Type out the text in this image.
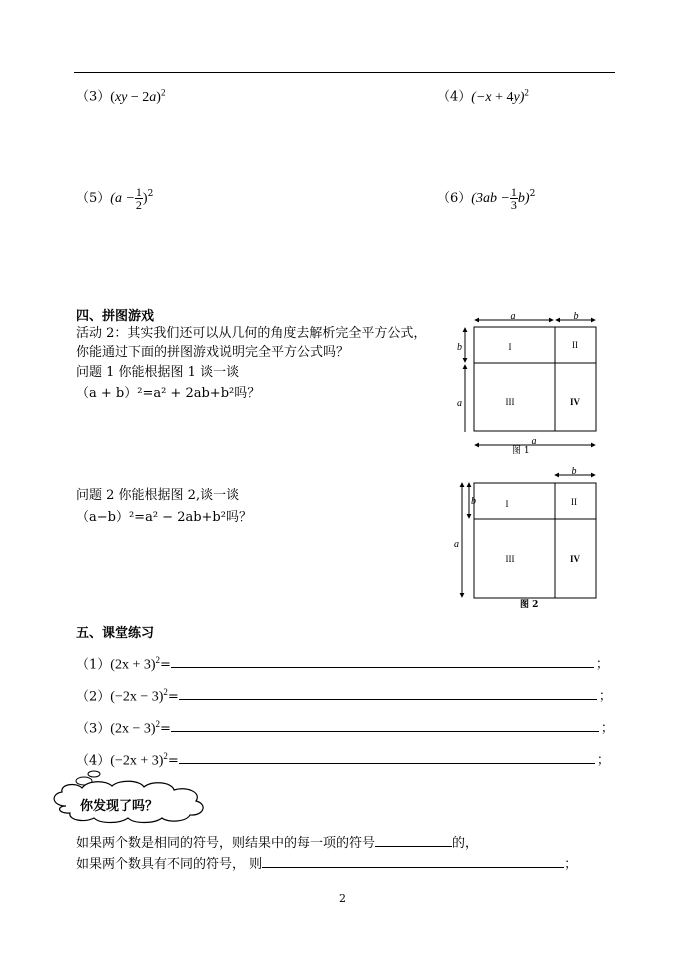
（3）(xy − 2a)$^2$	$(4)(-x + 4y)^2$
（5） $(a - \frac{1}{2} )^2$	（6） $(3ab - \frac{1}{3} b)^2$
四、拼图游戏
活动 2：其实我们还可以从几何的角度去解析完全平方公式，
你能通过下面的拼图游戏说明完全平方公式吗？
问题 1 你能根据图 1 谈一谈
（a + b）²=a² + 2ab+b²吗？
问题 2 你能根据图 2,谈一谈
（a−b）²=a² − 2ab+b²吗？
a	b
b
a
I	II
III	IV
图 1
a
b
b
a
I	II
III	IV
图 2
五、课堂练习
$(1)(2x + 3)^2=$	；
$(2)(-2x - 3)^2=$	；
$(3)(2x - 3)^2=$	；
$(4)(-2x + 3)^2=$	；
你发现了吗？
如果两个数是相同的符号，则结果中的每一项的符号	的，
如果两个数具有不同的符号， 则	；
2
